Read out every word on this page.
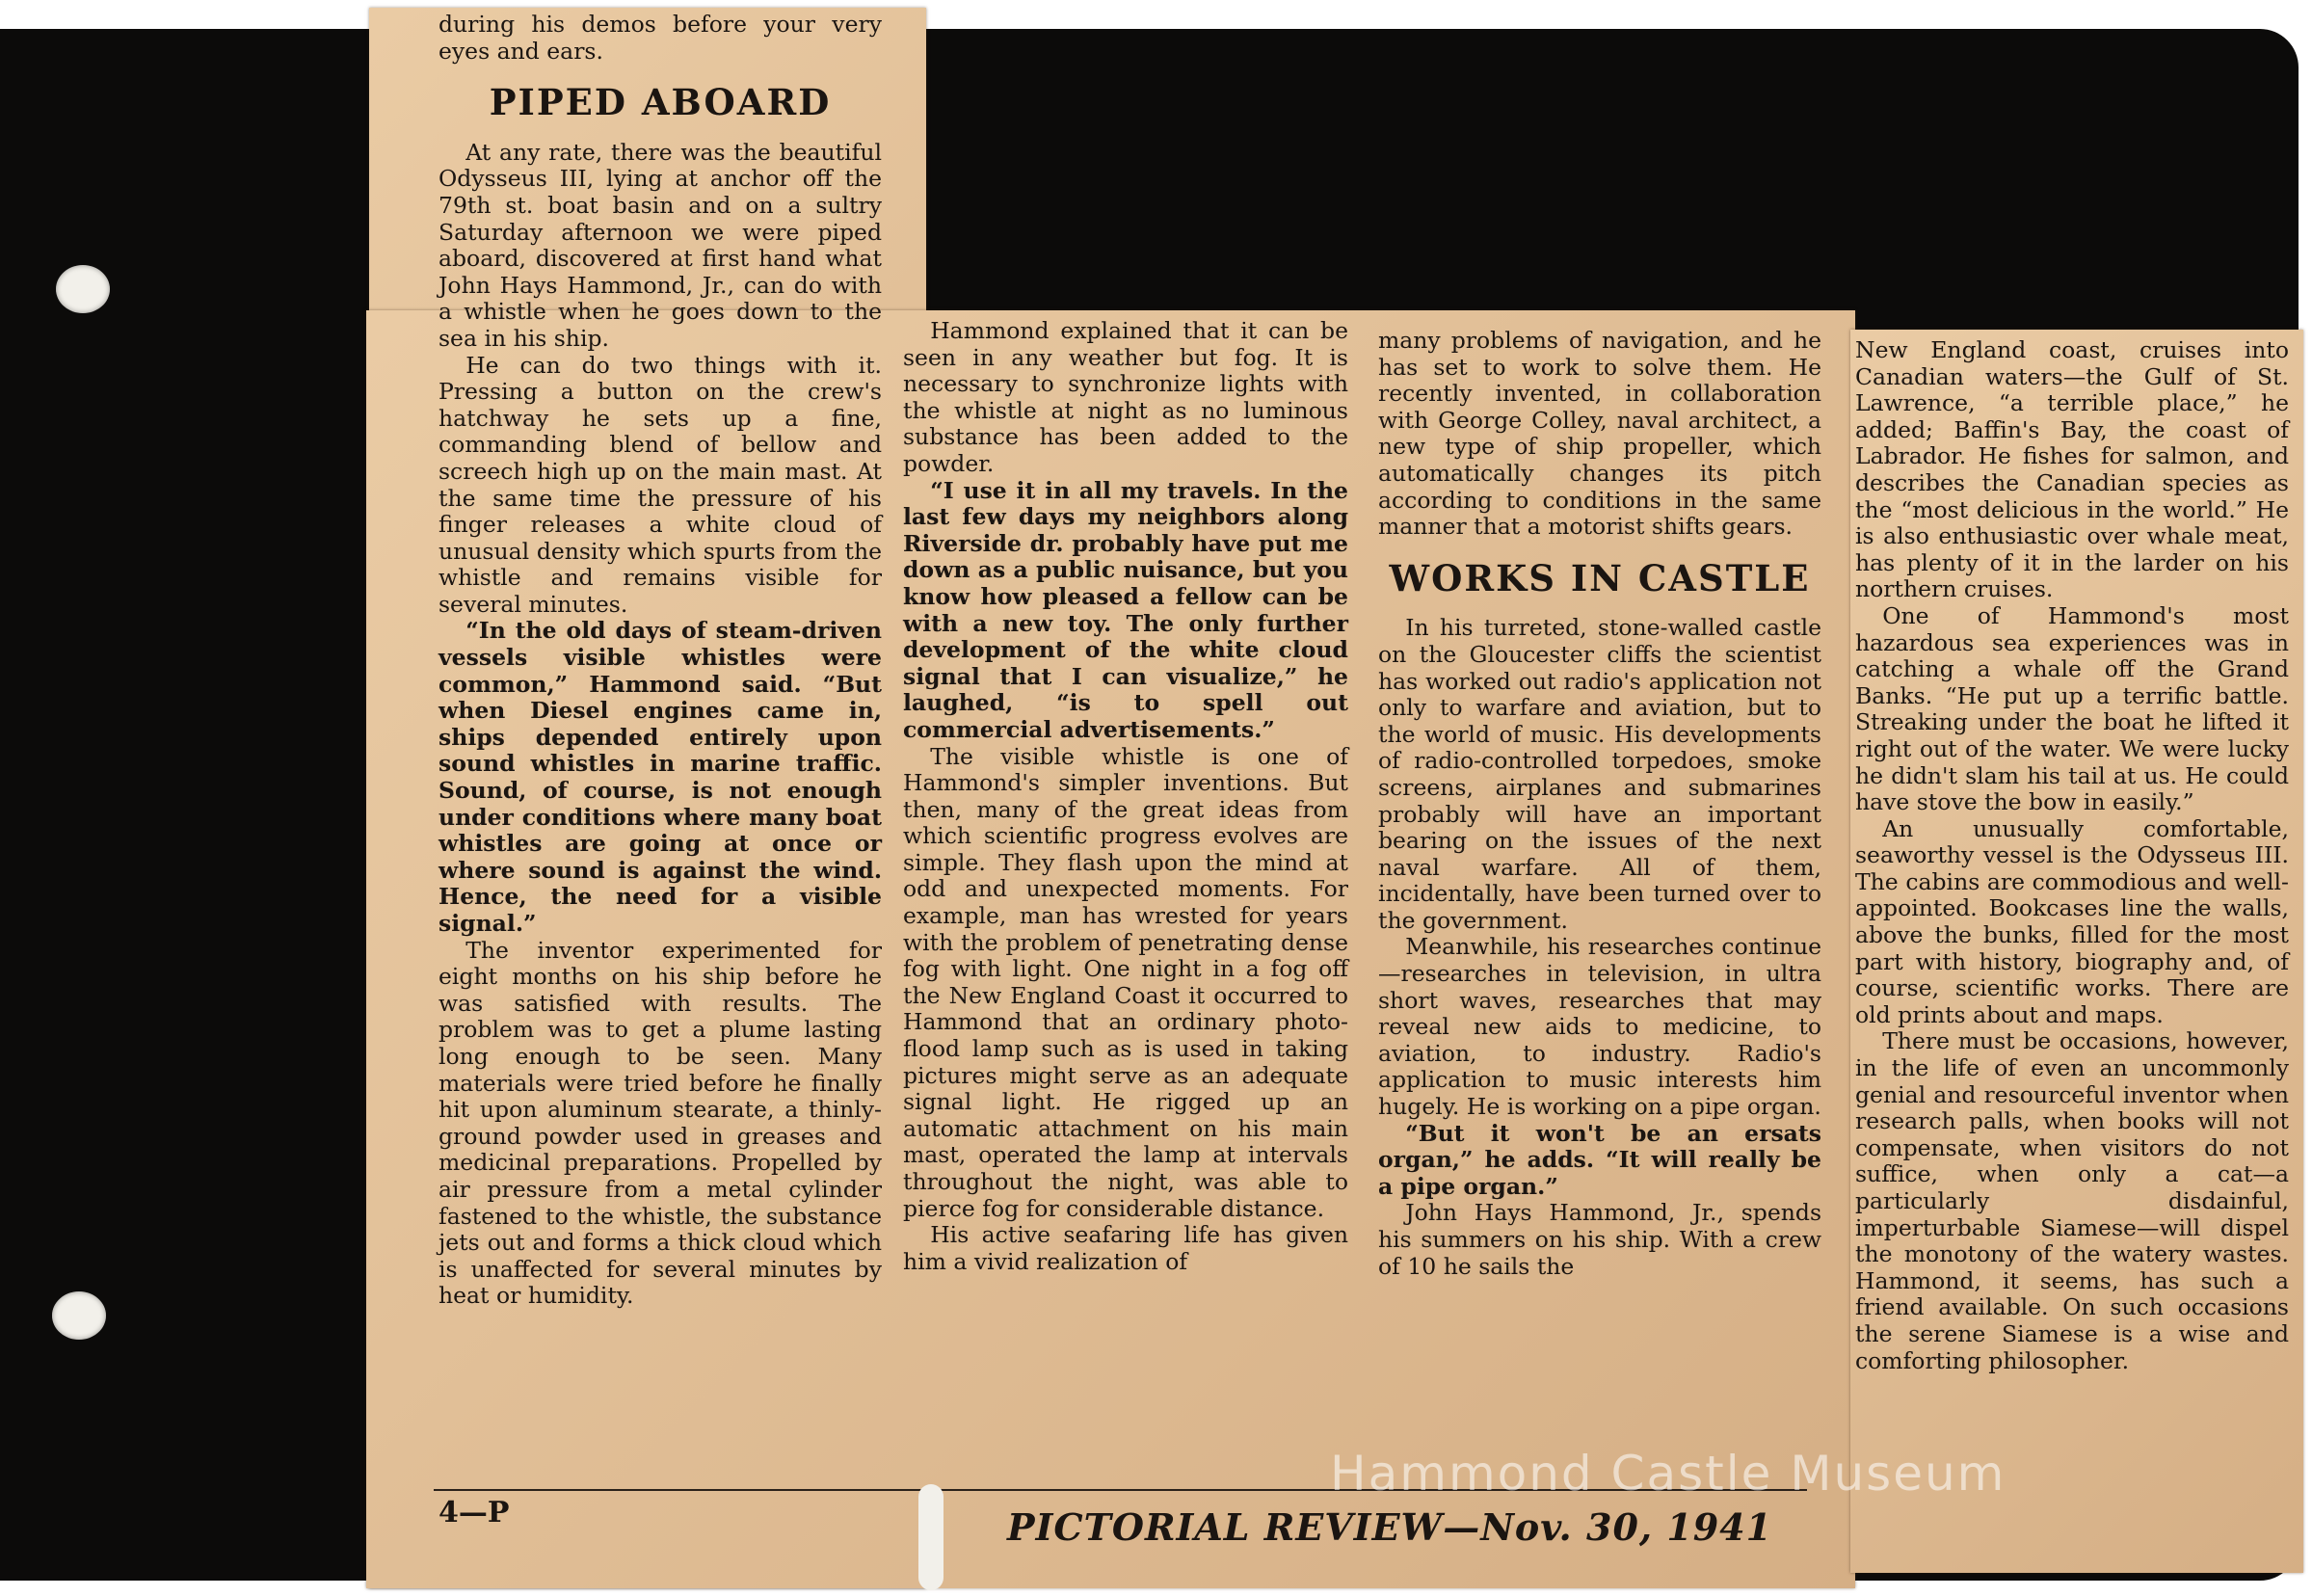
during his demos before your very eyes and ears.

PIPED ABOARD

At any rate, there was the beautiful Odysseus III, lying at anchor off the 79th st. boat basin and on a sultry Saturday afternoon we were piped aboard, discovered at first hand what John Hays Hammond, Jr., can do with a whistle when he goes down to the sea in his ship.

He can do two things with it. Pressing a button on the crew's hatchway he sets up a fine, commanding blend of bellow and screech high up on the main mast. At the same time the pressure of his finger releases a white cloud of unusual density which spurts from the whistle and remains visible for several minutes.

“In the old days of steam-driven vessels visible whistles were common,” Hammond said. “But when Diesel engines came in, ships depended entirely upon sound whistles in marine traffic. Sound, of course, is not enough under conditions where many boat whistles are going at once or where sound is against the wind. Hence, the need for a visible signal.”

The inventor experimented for eight months on his ship before he was satisfied with results. The problem was to get a plume lasting long enough to be seen. Many materials were tried before he finally hit upon aluminum stearate, a thinly-ground powder used in greases and medicinal preparations. Propelled by air pressure from a metal cylinder fastened to the whistle, the substance jets out and forms a thick cloud which is unaffected for several minutes by heat or humidity.

Hammond explained that it can be seen in any weather but fog. It is necessary to synchronize lights with the whistle at night as no luminous substance has been added to the powder.

“I use it in all my travels. In the last few days my neighbors along Riverside dr. probably have put me down as a public nuisance, but you know how pleased a fellow can be with a new toy. The only further development of the white cloud signal that I can visualize,” he laughed, “is to spell out commercial advertisements.”

The visible whistle is one of Hammond's simpler inventions. But then, many of the great ideas from which scientific progress evolves are simple. They flash upon the mind at odd and unexpected moments. For example, man has wrested for years with the problem of penetrating dense fog with light. One night in a fog off the New England Coast it occurred to Hammond that an ordinary photo-flood lamp such as is used in taking pictures might serve as an adequate signal light. He rigged up an automatic attachment on his main mast, operated the lamp at intervals throughout the night, was able to pierce fog for considerable distance.

His active seafaring life has given him a vivid realization of

many problems of navigation, and he has set to work to solve them. He recently invented, in collaboration with George Colley, naval architect, a new type of ship propeller, which automatically changes its pitch according to conditions in the same manner that a motorist shifts gears.

WORKS IN CASTLE

In his turreted, stone-walled castle on the Gloucester cliffs the scientist has worked out radio's application not only to warfare and aviation, but to the world of music. His developments of radio-controlled torpedoes, smoke screens, airplanes and submarines probably will have an important bearing on the issues of the next naval warfare. All of them, incidentally, have been turned over to the government.

Meanwhile, his researches continue—researches in television, in ultra short waves, researches that may reveal new aids to medicine, to aviation, to industry. Radio's application to music interests him hugely. He is working on a pipe organ.

“But it won't be an ersats organ,” he adds. “It will really be a pipe organ.”

John Hays Hammond, Jr., spends his summers on his ship. With a crew of 10 he sails the

New England coast, cruises into Canadian waters—the Gulf of St. Lawrence, “a terrible place,” he added; Baffin's Bay, the coast of Labrador. He fishes for salmon, and describes the Canadian species as the “most delicious in the world.” He is also enthusiastic over whale meat, has plenty of it in the larder on his northern cruises.

One of Hammond's most hazardous sea experiences was in catching a whale off the Grand Banks. “He put up a terrific battle. Streaking under the boat he lifted it right out of the water. We were lucky he didn't slam his tail at us. He could have stove the bow in easily.”

An unusually comfortable, seaworthy vessel is the Odysseus III. The cabins are commodious and well-appointed. Bookcases line the walls, above the bunks, filled for the most part with history, biography and, of course, scientific works. There are old prints about and maps.

There must be occasions, however, in the life of even an uncommonly genial and resourceful inventor when research palls, when books will not compensate, when visitors do not suffice, when only a cat—a particularly disdainful, imperturbable Siamese—will dispel the monotony of the watery wastes. Hammond, it seems, has such a friend available. On such occasions the serene Siamese is a wise and comforting philosopher.

4—P	PICTORIAL REVIEW—Nov. 30, 1941
Hammond Castle Museum
